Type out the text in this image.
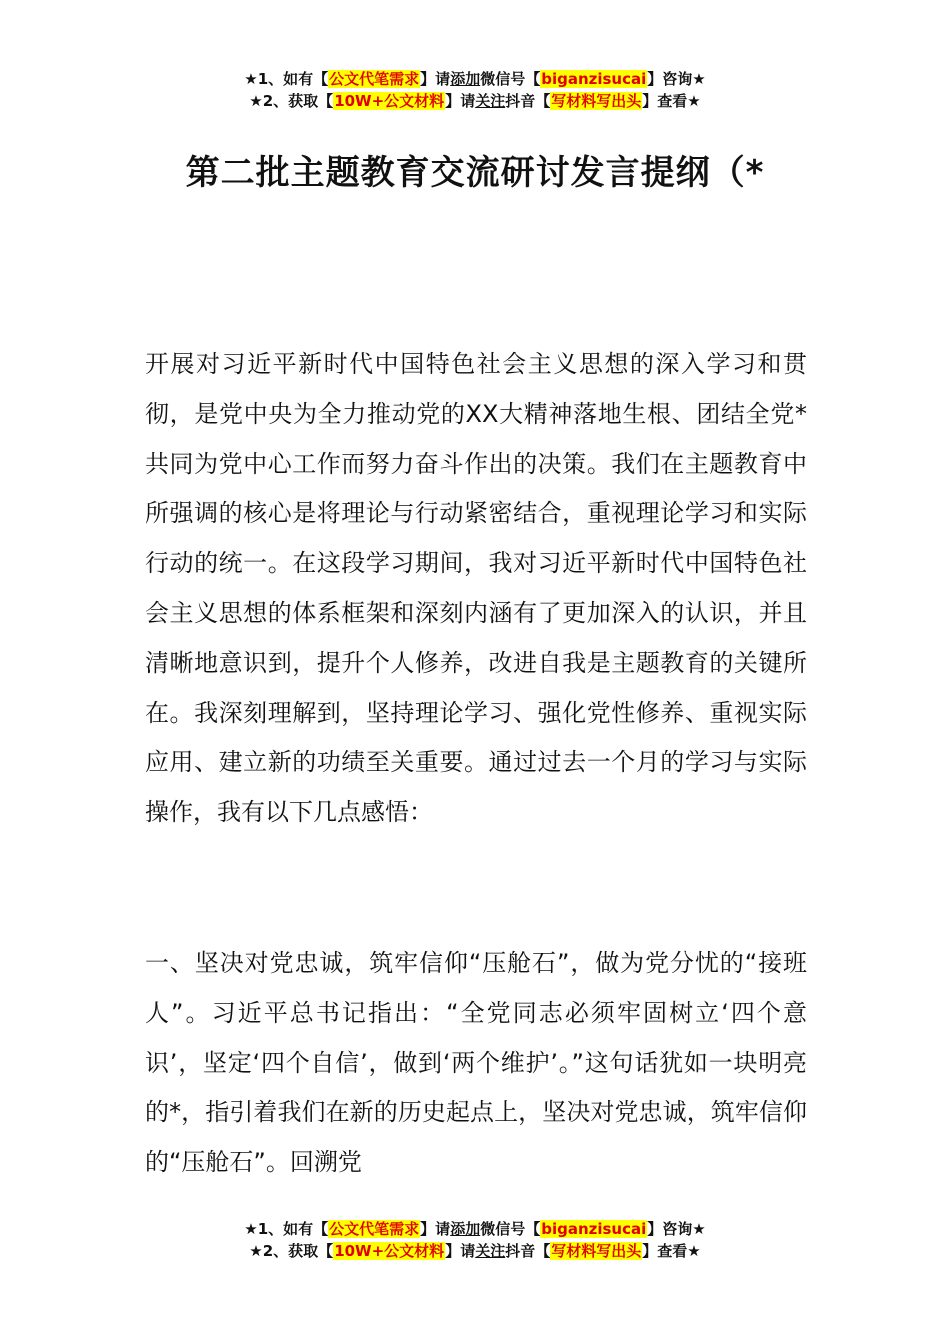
★1、如有【公文代笔需求】请添加微信号【biganzisucai】咨询★
★2、获取【10W+公文材料】请关注抖音【写材料写出头】查看★
第二批主题教育交流研讨发言提纲（*

开展对习近平新时代中国特色社会主义思想的深入学习和贯彻，是党中央为全力推动党的XX大精神落地生根、团结全党*共同为党中心工作而努力奋斗作出的决策。我们在主题教育中所强调的核心是将理论与行动紧密结合，重视理论学习和实际行动的统一。在这段学习期间，我对习近平新时代中国特色社会主义思想的体系框架和深刻内涵有了更加深入的认识，并且清晰地意识到，提升个人修养，改进自我是主题教育的关键所在。我深刻理解到，坚持理论学习、强化党性修养、重视实际应用、建立新的功绩至关重要。通过过去一个月的学习与实际操作，我有以下几点感悟：

一、坚决对党忠诚，筑牢信仰“压舱石”，做为党分忧的“接班人”。习近平总书记指出：“全党同志必须牢固树立‘四个意识’，坚定‘四个自信’，做到‘两个维护’。”这句话犹如一块明亮的*，指引着我们在新的历史起点上，坚决对党忠诚，筑牢信仰的“压舱石”。回溯党

★1、如有【公文代笔需求】请添加微信号【biganzisucai】咨询★
★2、获取【10W+公文材料】请关注抖音【写材料写出头】查看★
